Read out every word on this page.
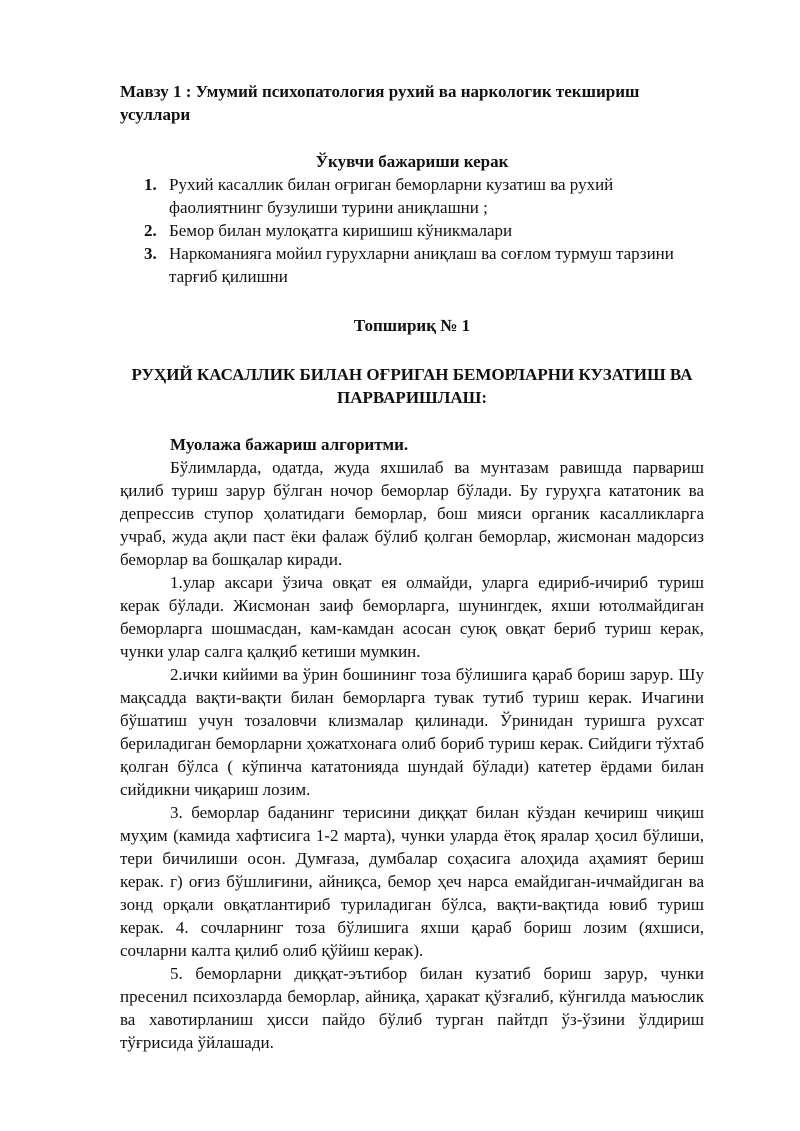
Мавзу 1 : Умумий психопатология рухий ва наркологик текшириш усуллари

Ўкувчи бажариши керак

1. Рухий касаллик билан оғриган беморларни кузатиш ва рухий фаолиятнинг бузулиши турини аниқлашни ;
2. Бемор билан мулоқатга киришиш кўникмалари
3. Наркоманияга мойил гурухларни аниқлаш ва соғлом турмуш тарзини тарғиб қилишни

Топшириқ № 1

РУҲИЙ КАСАЛЛИК БИЛАН ОҒРИГАН БЕМОРЛАРНИ КУЗАТИШ ВА ПАРВАРИШЛАШ:

Муолажа бажариш алгоритми.

Бўлимларда, одатда, жуда яхшилаб ва мунтазам равишда парвариш қилиб туриш зарур бўлган ночор беморлар бўлади. Бу гуруҳга кататоник ва депрессив ступор ҳолатидаги беморлар, бош мияси органик касалликларга учраб, жуда ақли паст ёки фалаж бўлиб қолган беморлар, жисмонан мадорсиз беморлар ва бошқалар киради.

1.улар аксари ўзича овқат ея олмайди, уларга едириб-ичириб туриш керак бўлади. Жисмонан заиф беморларга, шунингдек, яхши ютолмайдиган беморларга шошмасдан, кам-камдан асосан суюқ овқат бериб туриш керак, чунки улар салга қалқиб кетиши мумкин.

2.ички кийими ва ўрин бошининг тоза бўлишига қараб бориш зарур. Шу мақсадда вақти-вақти билан беморларга тувак тутиб туриш керак. Ичагини бўшатиш учун тозаловчи клизмалар қилинади. Ўринидан туришга рухсат бериладиган беморларни ҳожатхонага олиб бориб туриш керак. Сийдиги тўхтаб қолган бўлса ( кўпинча кататонияда шундай бўлади) катетер ёрдами билан сийдикни чиқариш лозим.

3. беморлар баданинг терисини диққат билан кўздан кечириш чиқиш муҳим (камида хафтисига 1-2 марта), чунки уларда ётоқ яралар ҳосил бўлиши, тери бичилиши осон. Думғаза, думбалар соҳасига алоҳида аҳамият бериш керак. г) оғиз бўшлиғини, айниқса, бемор ҳеч нарса емайдиган-ичмайдиган ва зонд орқали овқатлантириб туриладиган бўлса, вақти-вақтида ювиб туриш керак. 4. сочларнинг тоза бўлишига яхши қараб бориш лозим (яхшиси, сочларни калта қилиб олиб қўйиш керак).

5. беморларни диққат-эътибор билан кузатиб бориш зарур, чунки пресенил психозларда беморлар, айниқа, ҳаракат қўзғалиб, кўнгилда маъюслик ва хавотирланиш ҳисси пайдо бўлиб турган пайтдп ўз-ўзини ўлдириш тўғрисида ўйлашади.
